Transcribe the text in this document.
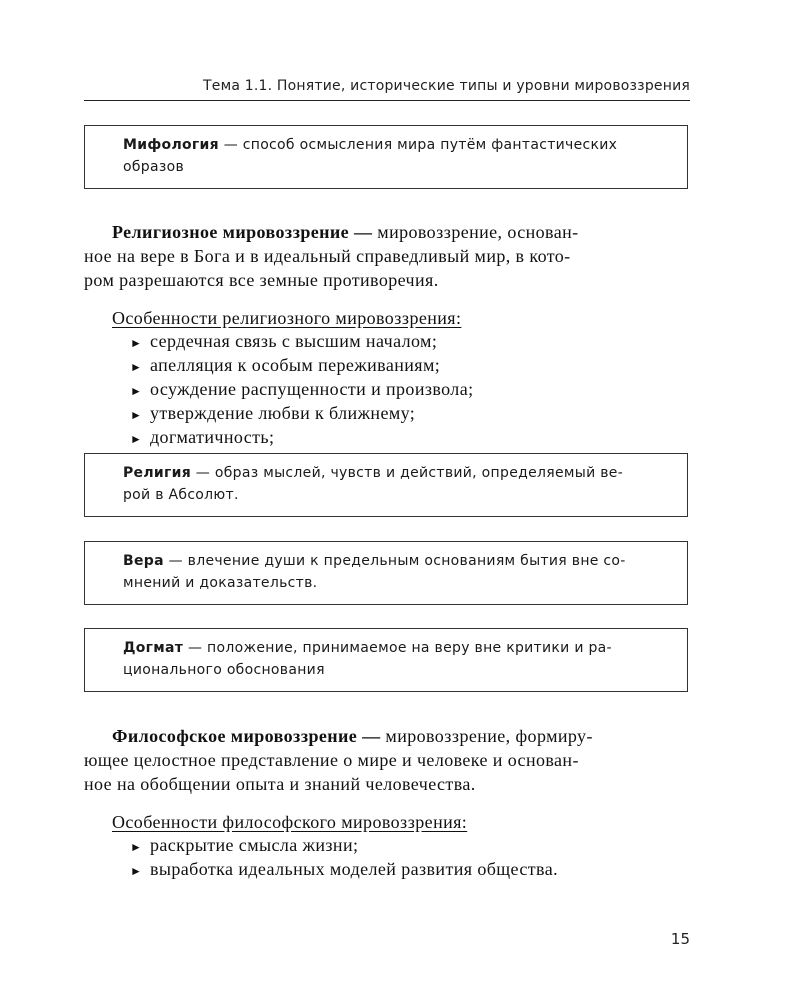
Тема 1.1. Понятие, исторические типы и уровни мировоззрения
Мифология — способ осмысления мира путём фантастических
образов
Религиозное мировоззрение — мировоззрение, основан-
ное на вере в Бога и в идеальный справедливый мир, в кото-
ром разрешаются все земные противоречия.
Особенности религиозного мировоззрения:
► сердечная связь с высшим началом;
► апелляция к особым переживаниям;
► осуждение распущенности и произвола;
► утверждение любви к ближнему;
► догматичность;
Религия — образ мыслей, чувств и действий, определяемый ве-
рой в Абсолют.
Вера — влечение души к предельным основаниям бытия вне со-
мнений и доказательств.
Догмат — положение, принимаемое на веру вне критики и ра-
ционального обоснования
Философское мировоззрение — мировоззрение, формиру-
ющее целостное представление о мире и человеке и основан-
ное на обобщении опыта и знаний человечества.
Особенности философского мировоззрения:
► раскрытие смысла жизни;
► выработка идеальных моделей развития общества.
15
